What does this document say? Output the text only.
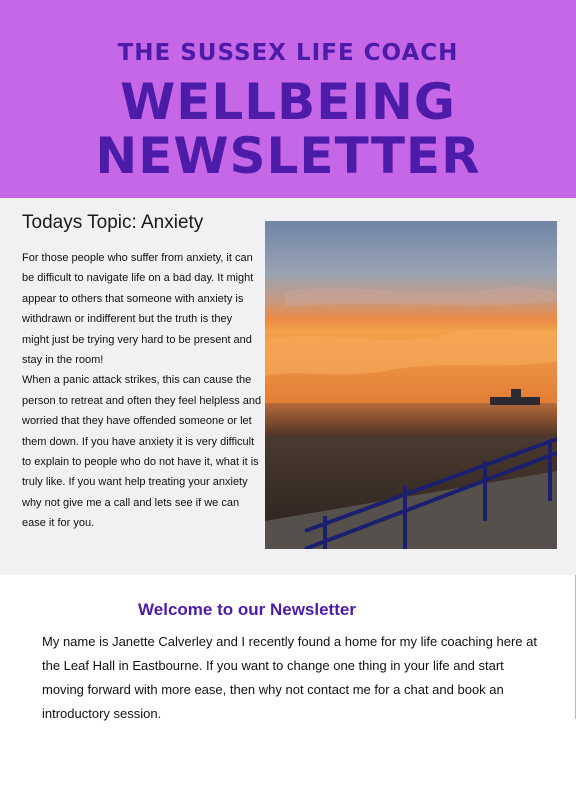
THE SUSSEX LIFE COACH
WELLBEING
NEWSLETTER
Todays Topic: Anxiety
For those people who suffer from anxiety, it can be difficult to navigate life on a bad day. It might appear to others that someone with anxiety is withdrawn or indifferent but the truth is they might just be trying very hard to be present and stay in the room!
When a panic attack strikes, this can cause the person to retreat and often they feel helpless and worried that they have offended someone or let them down. If you have anxiety it is very difficult to explain to people who do not have it, what it is truly like. If you want help treating your anxiety why not give me a call and lets see if we can ease it for you.
Welcome to our Newsletter
My name is Janette Calverley and I recently found a home for my life coaching here at the Leaf Hall in Eastbourne. If you want to change one thing in your life and start moving forward with more ease, then why not contact me for a chat and book an introductory session.
